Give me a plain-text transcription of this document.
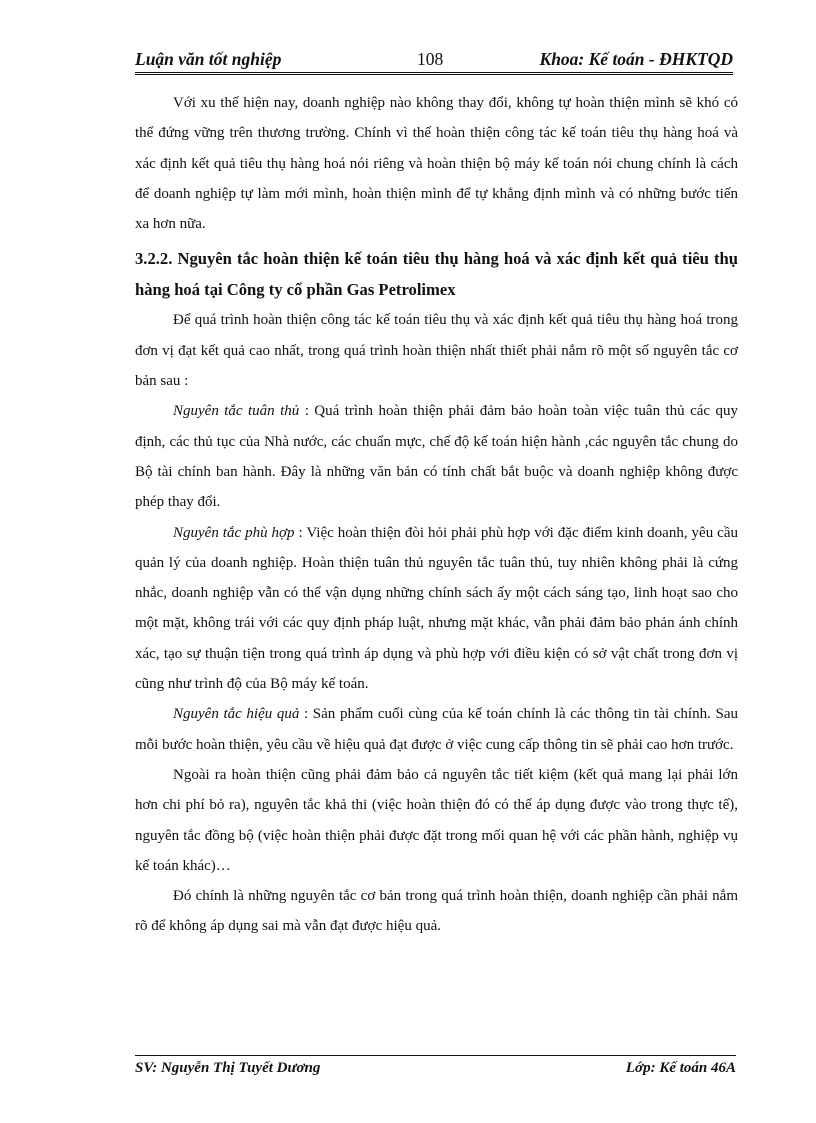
Luận văn tốt nghiệp	108	Khoa: Kế toán - ĐHKTQD

Với xu thế hiện nay, doanh nghiệp nào không thay đổi, không tự hoàn thiện mình sẽ khó có thể đứng vững trên thương trường. Chính vì thế hoàn thiện công tác kế toán tiêu thụ hàng hoá và xác định kết quả tiêu thụ hàng hoá nói riêng và hoàn thiện bộ máy kế toán nói chung chính là cách để doanh nghiệp tự làm mới mình, hoàn thiện mình để tự khẳng định mình và có những bước tiến xa hơn nữa.

3.2.2. Nguyên tắc hoàn thiện kế toán tiêu thụ hàng hoá và xác định kết quả tiêu thụ hàng hoá tại Công ty cổ phần Gas Petrolimex

Để quá trình hoàn thiện công tác kế toán tiêu thụ và xác định kết quả tiêu thụ hàng hoá trong đơn vị đạt kết quả cao nhất, trong quá trình hoàn thiện nhất thiết phải nắm rõ một số nguyên tắc cơ bản sau :

Nguyên tắc tuân thủ : Quá trình hoàn thiện phải đảm bảo hoàn toàn việc tuân thủ các quy định, các thủ tục của Nhà nước, các chuẩn mực, chế độ kế toán hiện hành ,các nguyên tắc chung do Bộ tài chính ban hành. Đây là những văn bản có tính chất bắt buộc và doanh nghiệp không được phép thay đổi.

Nguyên tắc phù hợp : Việc hoàn thiện đòi hỏi phải phù hợp với đặc điểm kinh doanh, yêu cầu quản lý của doanh nghiệp. Hoàn thiện tuân thủ nguyên tắc tuân thủ, tuy nhiên không phải là cứng nhắc, doanh nghiệp vẫn có thể vận dụng những chính sách ấy một cách sáng tạo, linh hoạt sao cho một mặt, không trái với các quy định pháp luật, nhưng mặt khác, vẫn phải đảm bảo phản ánh chính xác, tạo sự thuận tiện trong quá trình áp dụng và phù hợp với điều kiện có sở vật chất trong đơn vị cũng như trình độ của Bộ máy kế toán.

Nguyên tắc hiệu quả : Sản phẩm cuối cùng của kế toán chính là các thông tin tài chính. Sau mỗi bước hoàn thiện, yêu cầu về hiệu quả đạt được ở việc cung cấp thông tin sẽ phải cao hơn trước.

Ngoài ra hoàn thiện cũng phải đảm bảo cả nguyên tắc tiết kiệm (kết quả mang lại phải lớn hơn chi phí bỏ ra), nguyên tắc khả thi (việc hoàn thiện đó có thể áp dụng được vào trong thực tế), nguyên tắc đồng bộ (việc hoàn thiện phải được đặt trong mối quan hệ với các phần hành, nghiệp vụ kế toán khác)…

Đó chính là những nguyên tắc cơ bản trong quá trình hoàn thiện, doanh nghiệp cần phải nắm rõ để không áp dụng sai mà vẫn đạt được hiệu quả.

SV: Nguyễn Thị Tuyết Dương	Lớp: Kế toán 46A
